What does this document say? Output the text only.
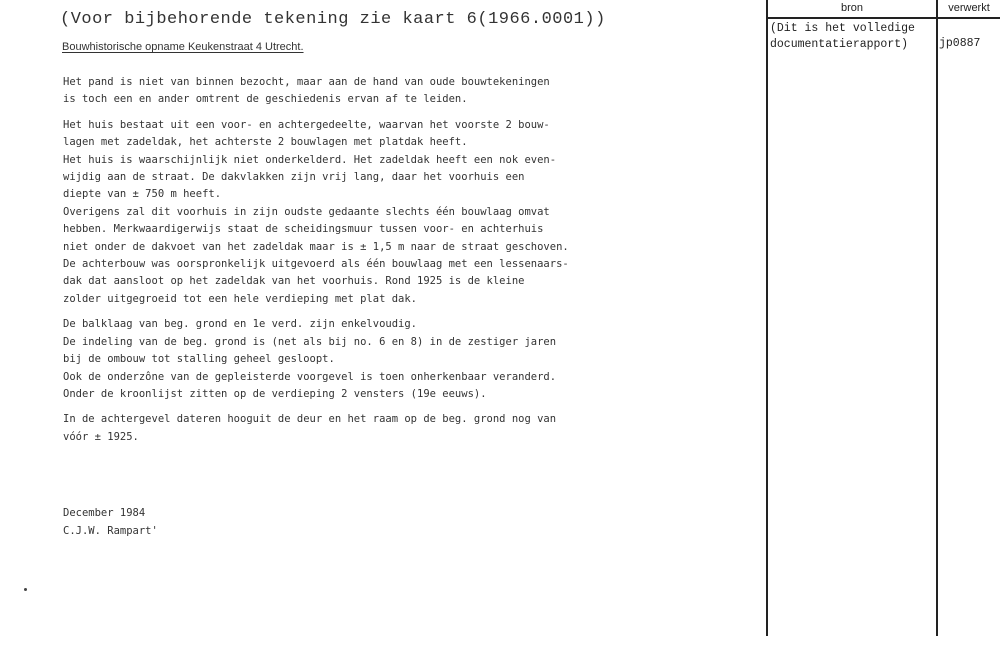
(Voor bijbehorende tekening zie kaart 6(1966.0001))
Bouwhistorische opname Keukenstraat 4 Utrecht.

Het pand is niet van binnen bezocht, maar aan de hand van oude bouwtekeningen
is toch een en ander omtrent de geschiedenis ervan af te leiden.

Het huis bestaat uit een voor- en achtergedeelte, waarvan het voorste 2 bouw-
lagen met zadeldak, het achterste 2 bouwlagen met platdak heeft.
Het huis is waarschijnlijk niet onderkelderd. Het zadeldak heeft een nok even-
wijdig aan de straat. De dakvlakken zijn vrij lang, daar het voorhuis een
diepte van ± 750 m heeft.
Overigens zal dit voorhuis in zijn oudste gedaante slechts één bouwlaag omvat
hebben. Merkwaardigerwijs staat de scheidingsmuur tussen voor- en achterhuis
niet onder de dakvoet van het zadeldak maar is ± 1,5 m naar de straat geschoven.
De achterbouw was oorspronkelijk uitgevoerd als één bouwlaag met een lessenaars-
dak dat aansloot op het zadeldak van het voorhuis. Rond 1925 is de kleine
zolder uitgegroeid tot een hele verdieping met plat dak.

De balklaag van beg. grond en 1e verd. zijn enkelvoudig.
De indeling van de beg. grond is (net als bij no. 6 en 8) in de zestiger jaren
bij de ombouw tot stalling geheel gesloopt.
Ook de onderzône van de gepleisterde voorgevel is toen onherkenbaar veranderd.
Onder de kroonlijst zitten op de verdieping 2 vensters (19e eeuws).

In de achtergevel dateren hooguit de deur en het raam op de beg. grond nog van
vóór ± 1925.

December 1984
C.J.W. Rampart'
bron	verwerkt
(Dit is het volledige
documentatierapport)	jp0887
